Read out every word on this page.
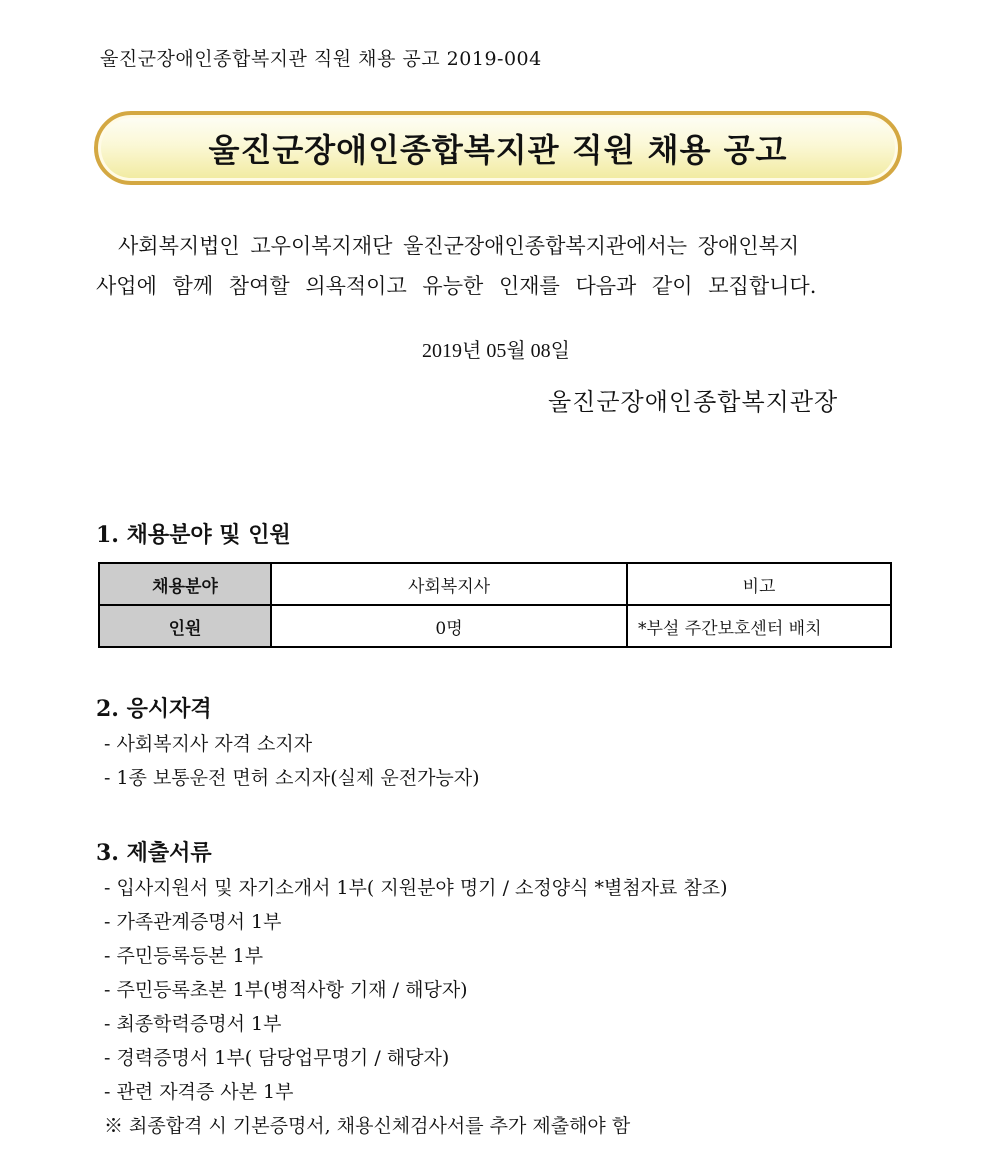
울진군장애인종합복지관 직원 채용 공고 2019-004
울진군장애인종합복지관 직원 채용 공고
사회복지법인 고우이복지재단 울진군장애인종합복지관에서는 장애인복지
사업에 함께 참여할 의욕적이고 유능한 인재를 다음과 같이 모집합니다.
2019년 05월 08일
울진군장애인종합복지관장
1. 채용분야 및 인원
채용분야	사회복지사	비고
인원	0명	*부설 주간보호센터 배치
2. 응시자격
- 사회복지사 자격 소지자
- 1종 보통운전 면허 소지자(실제 운전가능자)
3. 제출서류
- 입사지원서 및 자기소개서 1부( 지원분야 명기 / 소정양식 *별첨자료 참조)
- 가족관계증명서 1부
- 주민등록등본 1부
- 주민등록초본 1부(병적사항 기재 / 해당자)
- 최종학력증명서 1부
- 경력증명서 1부( 담당업무명기 / 해당자)
- 관련 자격증 사본 1부
※ 최종합격 시 기본증명서, 채용신체검사서를 추가 제출해야 함
